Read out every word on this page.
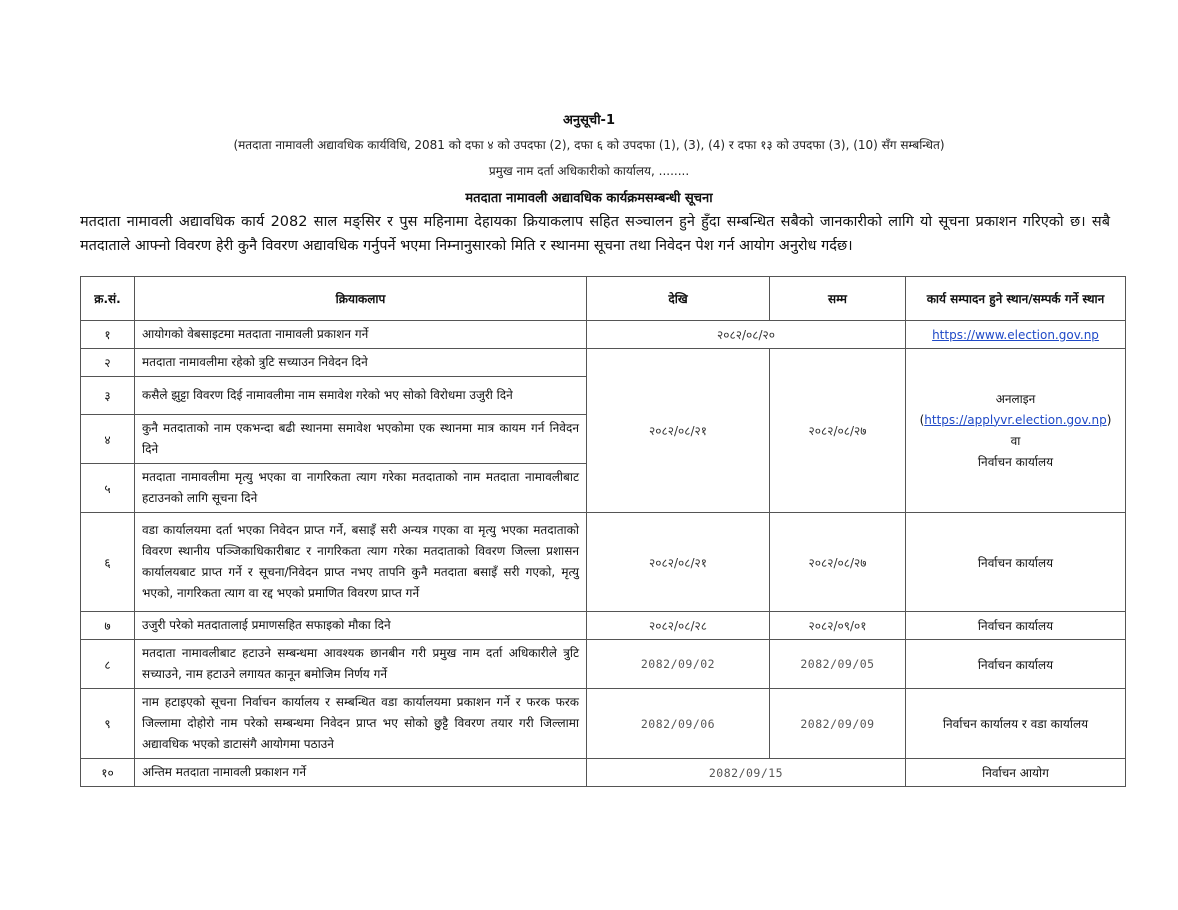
अनुसूची-1
(मतदाता नामावली अद्यावधिक कार्यविधि, 2081 को दफा ४ को उपदफा (2), दफा ६ को उपदफा (1), (3), (4) र दफा १३ को उपदफा (3), (10) सँग सम्बन्धित)
प्रमुख नाम दर्ता अधिकारीको कार्यालय, ........
मतदाता नामावली अद्यावधिक कार्यक्रमसम्बन्धी सूचना

मतदाता नामावली अद्यावधिक कार्य 2082 साल मङ्सिर र पुस महिनामा देहायका क्रियाकलाप सहित सञ्चालन हुने हुँदा सम्बन्धित सबैको जानकारीको लागि यो सूचना प्रकाशन गरिएको छ। सबै मतदाताले आफ्नो विवरण हेरी कुनै विवरण अद्यावधिक गर्नुपर्ने भएमा निम्नानुसारको मिति र स्थानमा सूचना तथा निवेदन पेश गर्न आयोग अनुरोध गर्दछ।

क्र.सं.	क्रियाकलाप	देखि	सम्म	कार्य सम्पादन हुने स्थान/सम्पर्क गर्ने स्थान
१	आयोगको वेबसाइटमा मतदाता नामावली प्रकाशन गर्ने	२०८२/०८/२०		https://www.election.gov.np
२	मतदाता नामावलीमा रहेको त्रुटि सच्याउन निवेदन दिने	२०८२/०८/२१	२०८२/०८/२७	अनलाइन
(https://applyvr.election.gov.np) वा
निर्वाचन कार्यालय

३	कसैले झुट्टा विवरण दिई नामावलीमा नाम समावेश गरेको भए सोको विरोधमा उजुरी दिने			
४	कुनै मतदाताको नाम एकभन्दा बढी स्थानमा समावेश भएकोमा एक स्थानमा मात्र कायम गर्न निवेदन दिने			
५	मतदाता नामावलीमा मृत्यु भएका वा नागरिकता त्याग गरेका मतदाताको नाम मतदाता नामावलीबाट हटाउनको लागि सूचना दिने			
६	वडा कार्यालयमा दर्ता भएका निवेदन प्राप्त गर्ने, बसाइँ सरी अन्यत्र गएका वा मृत्यु भएका मतदाताको विवरण स्थानीय पञ्जिकाधिकारीबाट र नागरिकता त्याग गरेका मतदाताको विवरण जिल्ला प्रशासन कार्यालयबाट प्राप्त गर्ने र सूचना/निवेदन प्राप्त नभए तापनि कुनै मतदाता बसाइँ सरी गएको, मृत्यु भएको, नागरिकता त्याग वा रद्द भएको प्रमाणित विवरण प्राप्त गर्ने	२०८२/०८/२१	२०८२/०८/२७	निर्वाचन कार्यालय
७	उजुरी परेको मतदातालाई प्रमाणसहित सफाइको मौका दिने	२०८२/०८/२८	२०८२/०९/०१	निर्वाचन कार्यालय
८	मतदाता नामावलीबाट हटाउने सम्बन्धमा आवश्यक छानबीन गरी प्रमुख नाम दर्ता अधिकारीले त्रुटि सच्याउने, नाम हटाउने लगायत कानून बमोजिम निर्णय गर्ने	2082/09/02	2082/09/05	निर्वाचन कार्यालय
९	नाम हटाइएको सूचना निर्वाचन कार्यालय र सम्बन्धित वडा कार्यालयमा प्रकाशन गर्ने र फरक फरक जिल्लामा दोहोरो नाम परेको सम्बन्धमा निवेदन प्राप्त भए सोको छुट्टै विवरण तयार गरी जिल्लामा अद्यावधिक भएको डाटासंगै आयोगमा पठाउने	2082/09/06	2082/09/09	निर्वाचन कार्यालय र वडा कार्यालय
१०	अन्तिम मतदाता नामावली प्रकाशन गर्ने	2082/09/15		निर्वाचन आयोग
